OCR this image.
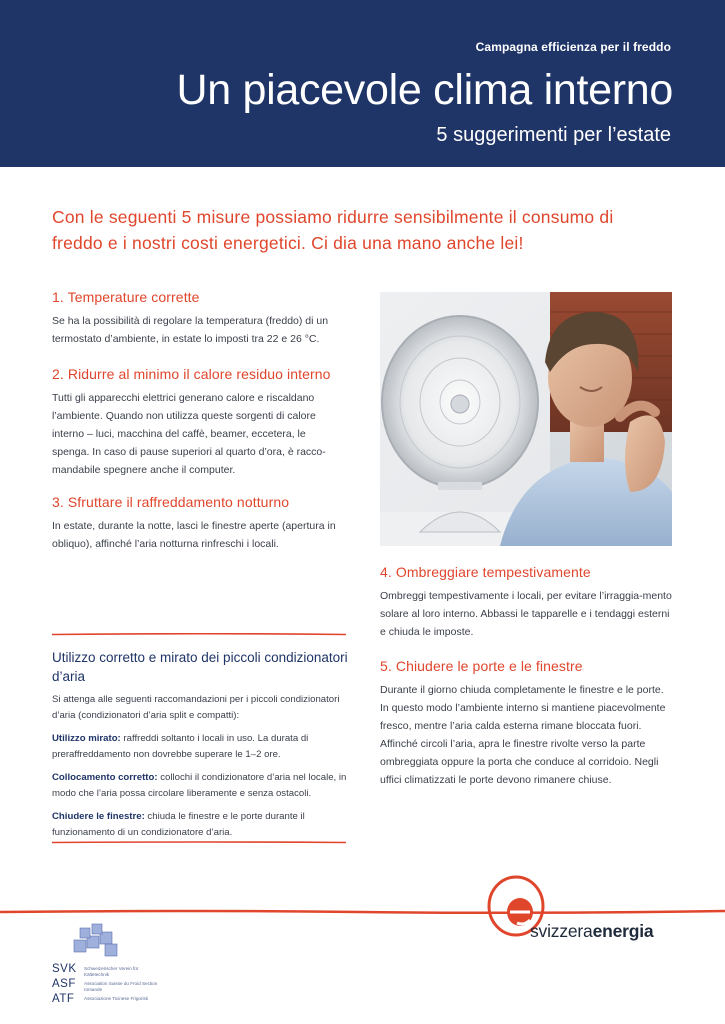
Campagna efficienza per il freddo
Un piacevole clima interno
5 suggerimenti per l’estate

Con le seguenti 5 misure possiamo ridurre sensibilmente il consumo di freddo e i nostri costi energetici. Ci dia una mano anche lei!

1. Temperature corrette

Se ha la possibilità di regolare la temperatura (freddo) di un termostato d’ambiente, in estate lo imposti tra 22 e 26 °C.

2. Ridurre al minimo il calore residuo interno

Tutti gli apparecchi elettrici generano calore e riscaldano l’ambiente. Quando non utilizza queste sorgenti di calore interno – luci, macchina del caffè, beamer, eccetera, le spenga. In caso di pause superiori al quarto d’ora, è racco-mandabile spegnere anche il computer.

3. Sfruttare il raffreddamento notturno

In estate, durante la notte, lasci le finestre aperte (apertura in obliquo), affinché l’aria notturna rinfreschi i locali.

4. Ombreggiare tempestivamente

Ombreggi tempestivamente i locali, per evitare l’irraggia-mento solare al loro interno. Abbassi le tapparelle e i tendaggi esterni e chiuda le imposte.

5. Chiudere le porte e le finestre

Durante il giorno chiuda completamente le finestre e le porte. In questo modo l’ambiente interno si mantiene piacevolmente fresco, mentre l’aria calda esterna rimane bloccata fuori. Affinché circoli l’aria, apra le finestre rivolte verso la parte ombreggiata oppure la porta che conduce al corridoio. Negli uffici climatizzati le porte devono rimanere chiuse.

Utilizzo corretto e mirato dei piccoli condizionatori d’aria

Si attenga alle seguenti raccomandazioni per i piccoli condizionatori d’aria (condizionatori d’aria split e compatti):

Utilizzo mirato: raffreddi soltanto i locali in uso. La durata di preraffreddamento non dovrebbe superare le 1–2 ore.

Collocamento corretto: collochi il condizionatore d’aria nel locale, in modo che l’aria possa circolare liberamente e senza ostacoli.

Chiudere le finestre: chiuda le finestre e le porte durante il funzionamento di un condizionatore d’aria.

svizzeraenergia
SVK
ASF
ATF
Schweizerischer Verein für Kältetechnik
Association Suisse du Froid Section romande
Associazione Ticinese Frigoristi
